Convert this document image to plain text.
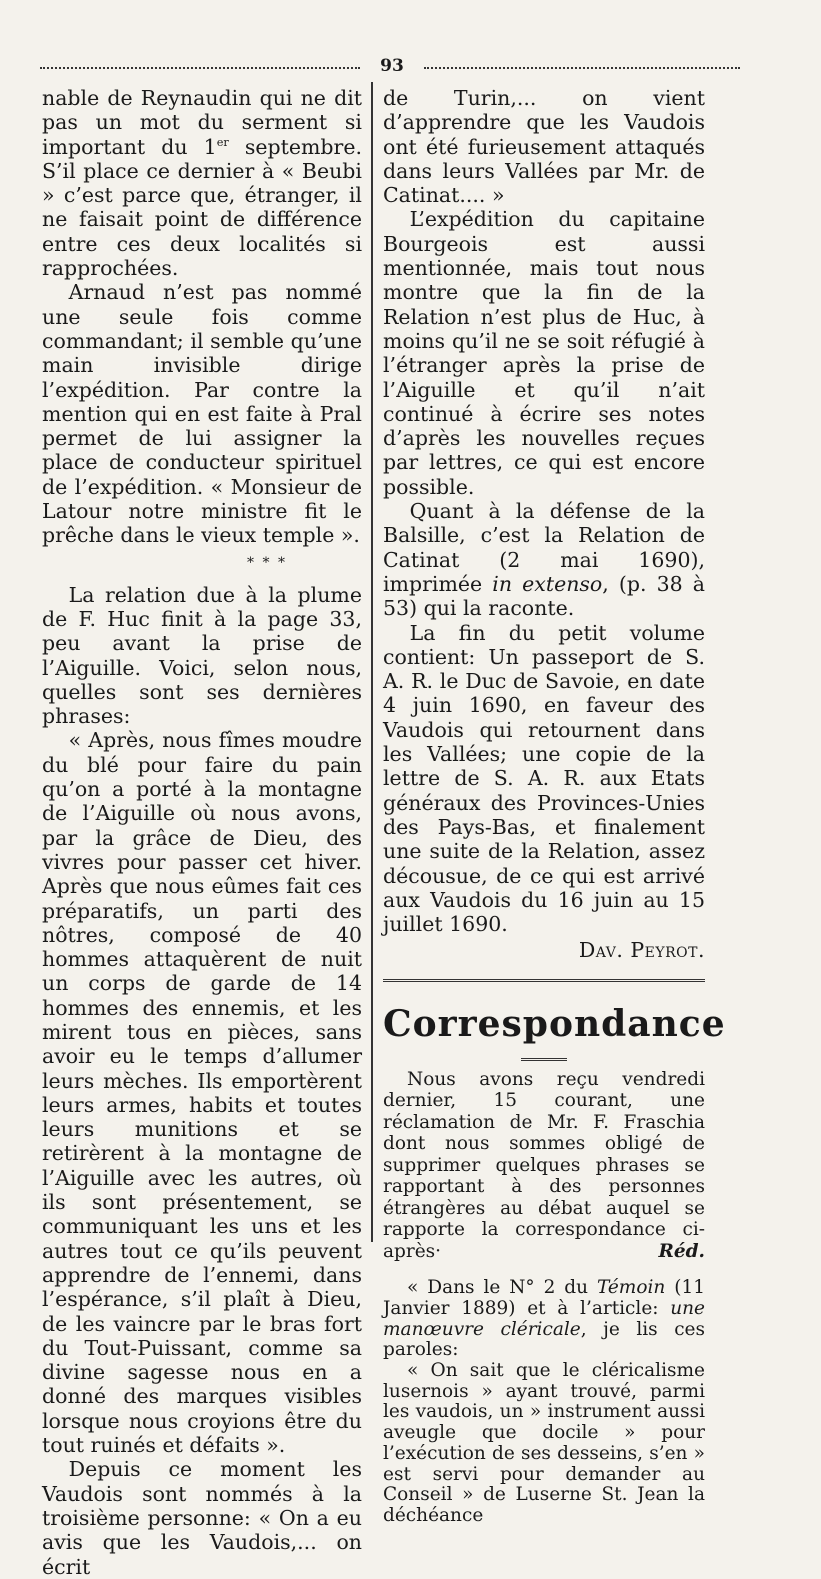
93

nable de Reynaudin qui ne dit pas un mot du serment si important du 1er septembre. S’il place ce dernier à « Beubi » c’est parce que, étranger, il ne faisait point de différence entre ces deux localités si rapprochées.

Arnaud n’est pas nommé une seule fois comme commandant; il semble qu’une main invisible dirige l’expédition. Par contre la mention qui en est faite à Pral permet de lui assigner la place de conducteur spirituel de l’expédition. « Monsieur de Latour notre ministre fit le prêche dans le vieux temple ».

* * *

La relation due à la plume de F. Huc finit à la page 33, peu avant la prise de l’Aiguille. Voici, selon nous, quelles sont ses dernières phrases:

« Après, nous fîmes moudre du blé pour faire du pain qu’on a porté à la montagne de l’Aiguille où nous avons, par la grâce de Dieu, des vivres pour passer cet hiver. Après que nous eûmes fait ces préparatifs, un parti des nôtres, composé de 40 hommes attaquèrent de nuit un corps de garde de 14 hommes des ennemis, et les mirent tous en pièces, sans avoir eu le temps d’allumer leurs mèches. Ils emportèrent leurs armes, habits et toutes leurs munitions et se retirèrent à la montagne de l’Aiguille avec les autres, où ils sont présentement, se communiquant les uns et les autres tout ce qu’ils peuvent apprendre de l’ennemi, dans l’espérance, s’il plaît à Dieu, de les vaincre par le bras fort du Tout-Puissant, comme sa divine sagesse nous en a donné des marques visibles lorsque nous croyions être du tout ruinés et défaits ».

Depuis ce moment les Vaudois sont nommés à la troisième personne: « On a eu avis que les Vaudois,... on écrit

de Turin,... on vient d’apprendre que les Vaudois ont été furieusement attaqués dans leurs Vallées par Mr. de Catinat.... »

L’expédition du capitaine Bourgeois est aussi mentionnée, mais tout nous montre que la fin de la Relation n’est plus de Huc, à moins qu’il ne se soit réfugié à l’étranger après la prise de l’Aiguille et qu’il n’ait continué à écrire ses notes d’après les nouvelles reçues par lettres, ce qui est encore possible.

Quant à la défense de la Balsille, c’est la Relation de Catinat (2 mai 1690), imprimée in extenso, (p. 38 à 53) qui la raconte.

La fin du petit volume contient: Un passeport de S. A. R. le Duc de Savoie, en date 4 juin 1690, en faveur des Vaudois qui retournent dans les Vallées; une copie de la lettre de S. A. R. aux Etats généraux des Provinces-Unies des Pays-Bas, et finalement une suite de la Relation, assez décousue, de ce qui est arrivé aux Vaudois du 16 juin au 15 juillet 1690.

Dav. Peyrot.
Correspondance

Nous avons reçu vendredi dernier, 15 courant, une réclamation de Mr. F. Fraschia dont nous sommes obligé de supprimer quelques phrases se rapportant à des personnes étrangères au débat auquel se rapporte la correspondance ci-après·	Réd.

« Dans le N° 2 du Témoin (11 Janvier 1889) et à l’article: une manœuvre cléricale, je lis ces paroles:

« On sait que le cléricalisme lusernois » ayant trouvé, parmi les vaudois, un » instrument aussi aveugle que docile » pour l’exécution de ses desseins, s’en » est servi pour demander au Conseil » de Luserne St. Jean la déchéance
